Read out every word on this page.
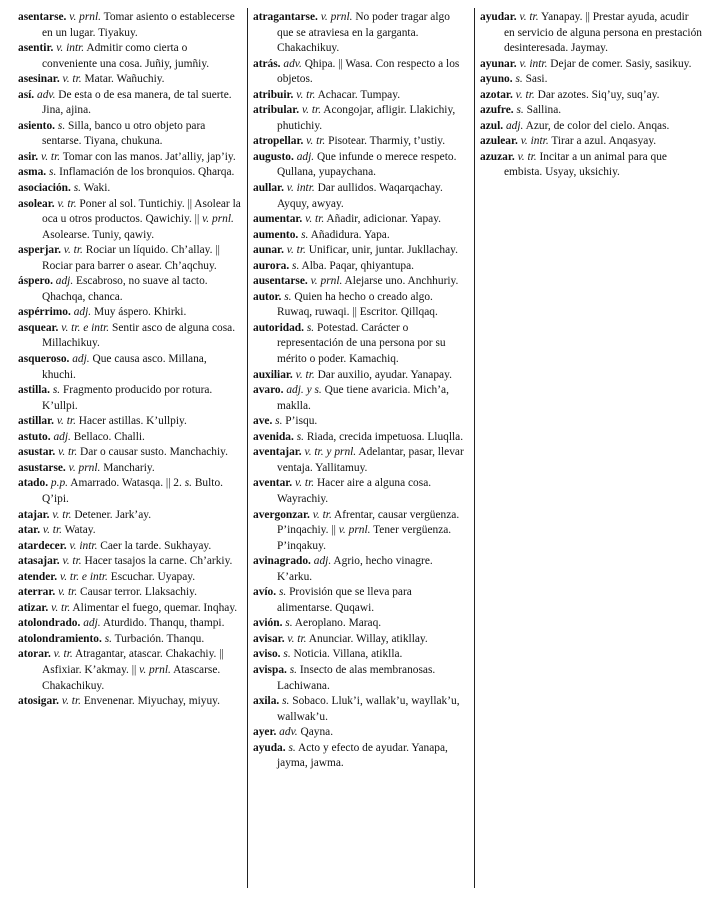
asentarse. v. prnl. Tomar asiento o establecerse en un lugar. Tiyakuy.

asentir. v. intr. Admitir como cierta o conveniente una cosa. Juñiy, jumñiy.

asesinar. v. tr. Matar. Wañuchiy.

así. adv. De esta o de esa manera, de tal suerte. Jina, ajina.

asiento. s. Silla, banco u otro objeto para sentarse. Tiyana, chukuna.

asir. v. tr. Tomar con las manos. Jat’alliy, jap’iy.

asma. s. Inflamación de los bronquios. Qharqa.

asociación. s. Waki.

asolear. v. tr. Poner al sol. Tuntichiy. || Asolear la oca u otros productos. Qawichiy. || v. prnl. Asolearse. Tuniy, qawiy.

asperjar. v. tr. Rociar un líquido. Ch’allay. || Rociar para barrer o asear. Ch’aqchuy.

áspero. adj. Escabroso, no suave al tacto. Qhachqa, chanca.

aspérrimo. adj. Muy áspero. Khirki.

asquear. v. tr. e intr. Sentir asco de alguna cosa. Millachikuy.

asqueroso. adj. Que causa asco. Millana, khuchi.

astilla. s. Fragmento producido por rotura. K’ullpi.

astillar. v. tr. Hacer astillas. K’ullpiy.

astuto. adj. Bellaco. Challi.

asustar. v. tr. Dar o causar susto. Manchachiy.

asustarse. v. prnl. Manchariy.

atado. p.p. Amarrado. Watasqa. || 2. s. Bulto. Q’ipi.

atajar. v. tr. Detener. Jark’ay.

atar. v. tr. Watay.

atardecer. v. intr. Caer la tarde. Sukhayay.

atasajar. v. tr. Hacer tasajos la carne. Ch’arkiy.

atender. v. tr. e intr. Escuchar. Uyapay.

aterrar. v. tr. Causar terror. Llaksachiy.

atizar. v. tr. Alimentar el fuego, quemar. Inqhay.

atolondrado. adj. Aturdido. Thanqu, thampi.

atolondramiento. s. Turbación. Thanqu.

atorar. v. tr. Atragantar, atascar. Chakachiy. || Asfixiar. K’akmay. || v. prnl. Atascarse. Chakachikuy.

atosigar. v. tr. Envenenar. Miyuchay, miyuy.

atragantarse. v. prnl. No poder tragar algo que se atraviesa en la garganta. Chakachikuy.

atrás. adv. Qhipa. || Wasa. Con respecto a los objetos.

atribuir. v. tr. Achacar. Tumpay.

atribular. v. tr. Acongojar, afligir. Llakichiy, phutichiy.

atropellar. v. tr. Pisotear. Tharmiy, t’ustiy.

augusto. adj. Que infunde o merece respeto. Qullana, yupaychana.

aullar. v. intr. Dar aullidos. Waqarqachay. Ayquy, awyay.

aumentar. v. tr. Añadir, adicionar. Yapay.

aumento. s. Añadidura. Yapa.

aunar. v. tr. Unificar, unir, juntar. Jukllachay.

aurora. s. Alba. Paqar, qhiyantupa.

ausentarse. v. prnl. Alejarse uno. Anchhuriy.

autor. s. Quien ha hecho o creado algo. Ruwaq, ruwaqi. || Escritor. Qillqaq.

autoridad. s. Potestad. Carácter o representación de una persona por su mérito o poder. Kamachiq.

auxiliar. v. tr. Dar auxilio, ayudar. Yanapay.

avaro. adj. y s. Que tiene avaricia. Mich’a, maklla.

ave. s. P’isqu.

avenida. s. Riada, crecida impetuosa. Lluqlla.

aventajar. v. tr. y prnl. Adelantar, pasar, llevar ventaja. Yallitamuy.

aventar. v. tr. Hacer aire a alguna cosa. Wayrachiy.

avergonzar. v. tr. Afrentar, causar vergüenza. P’inqachiy. || v. prnl. Tener vergüenza. P’inqakuy.

avinagrado. adj. Agrio, hecho vinagre. K’arku.

avío. s. Provisión que se lleva para alimentarse. Quqawi.

avión. s. Aeroplano. Maraq.

avisar. v. tr. Anunciar. Willay, atikllay.

aviso. s. Noticia. Villana, atiklla.

avispa. s. Insecto de alas membranosas. Lachiwana.

axila. s. Sobaco. Lluk’i, wallak’u, wayllak’u, wallwak’u.

ayer. adv. Qayna.

ayuda. s. Acto y efecto de ayudar. Yanapa, jayma, jawma.

ayudar. v. tr. Yanapay. || Prestar ayuda, acudir en servicio de alguna persona en prestación desinteresada. Jaymay.

ayunar. v. intr. Dejar de comer. Sasiy, sasikuy.

ayuno. s. Sasi.

azotar. v. tr. Dar azotes. Siq’uy, suq’ay.

azufre. s. Sallina.

azul. adj. Azur, de color del cielo. Anqas.

azulear. v. intr. Tirar a azul. Anqasyay.

azuzar. v. tr. Incitar a un animal para que embista. Usyay, uksichiy.
